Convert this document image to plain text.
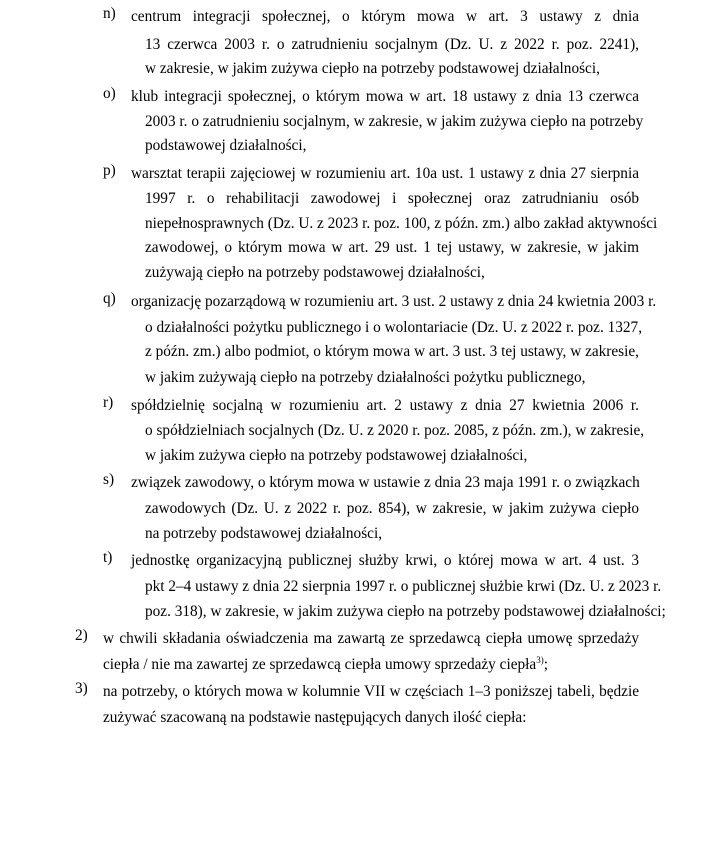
n) centrum integracji społecznej, o którym mowa w art. 3 ustawy z dnia
13 czerwca 2003 r. o zatrudnieniu socjalnym (Dz. U. z 2022 r. poz. 2241),
w zakresie, w jakim zużywa ciepło na potrzeby podstawowej działalności,
o) klub integracji społecznej, o którym mowa w art. 18 ustawy z dnia 13 czerwca
2003 r. o zatrudnieniu socjalnym, w zakresie, w jakim zużywa ciepło na potrzeby
podstawowej działalności,
p) warsztat terapii zajęciowej w rozumieniu art. 10a ust. 1 ustawy z dnia 27 sierpnia
1997 r. o rehabilitacji zawodowej i społecznej oraz zatrudnianiu osób
niepełnosprawnych (Dz. U. z 2023 r. poz. 100, z późn. zm.) albo zakład aktywności
zawodowej, o którym mowa w art. 29 ust. 1 tej ustawy, w zakresie, w jakim
zużywają ciepło na potrzeby podstawowej działalności,
q) organizację pozarządową w rozumieniu art. 3 ust. 2 ustawy z dnia 24 kwietnia 2003 r.
o działalności pożytku publicznego i o wolontariacie (Dz. U. z 2022 r. poz. 1327,
z późn. zm.) albo podmiot, o którym mowa w art. 3 ust. 3 tej ustawy, w zakresie,
w jakim zużywają ciepło na potrzeby działalności pożytku publicznego,
r) spółdzielnię socjalną w rozumieniu art. 2 ustawy z dnia 27 kwietnia 2006 r.
o spółdzielniach socjalnych (Dz. U. z 2020 r. poz. 2085, z późn. zm.), w zakresie,
w jakim zużywa ciepło na potrzeby podstawowej działalności,
s) związek zawodowy, o którym mowa w ustawie z dnia 23 maja 1991 r. o związkach
zawodowych (Dz. U. z 2022 r. poz. 854), w zakresie, w jakim zużywa ciepło
na potrzeby podstawowej działalności,
t) jednostkę organizacyjną publicznej służby krwi, o której mowa w art. 4 ust. 3
pkt 2–4 ustawy z dnia 22 sierpnia 1997 r. o publicznej służbie krwi (Dz. U. z 2023 r.
poz. 318), w zakresie, w jakim zużywa ciepło na potrzeby podstawowej działalności;
2) w chwili składania oświadczenia ma zawartą ze sprzedawcą ciepła umowę sprzedaży
ciepła / nie ma zawartej ze sprzedawcą ciepła umowy sprzedaży ciepła$^{3)}$;
3) na potrzeby, o których mowa w kolumnie VII w częściach 1–3 poniższej tabeli, będzie
zużywać szacowaną na podstawie następujących danych ilość ciepła:
